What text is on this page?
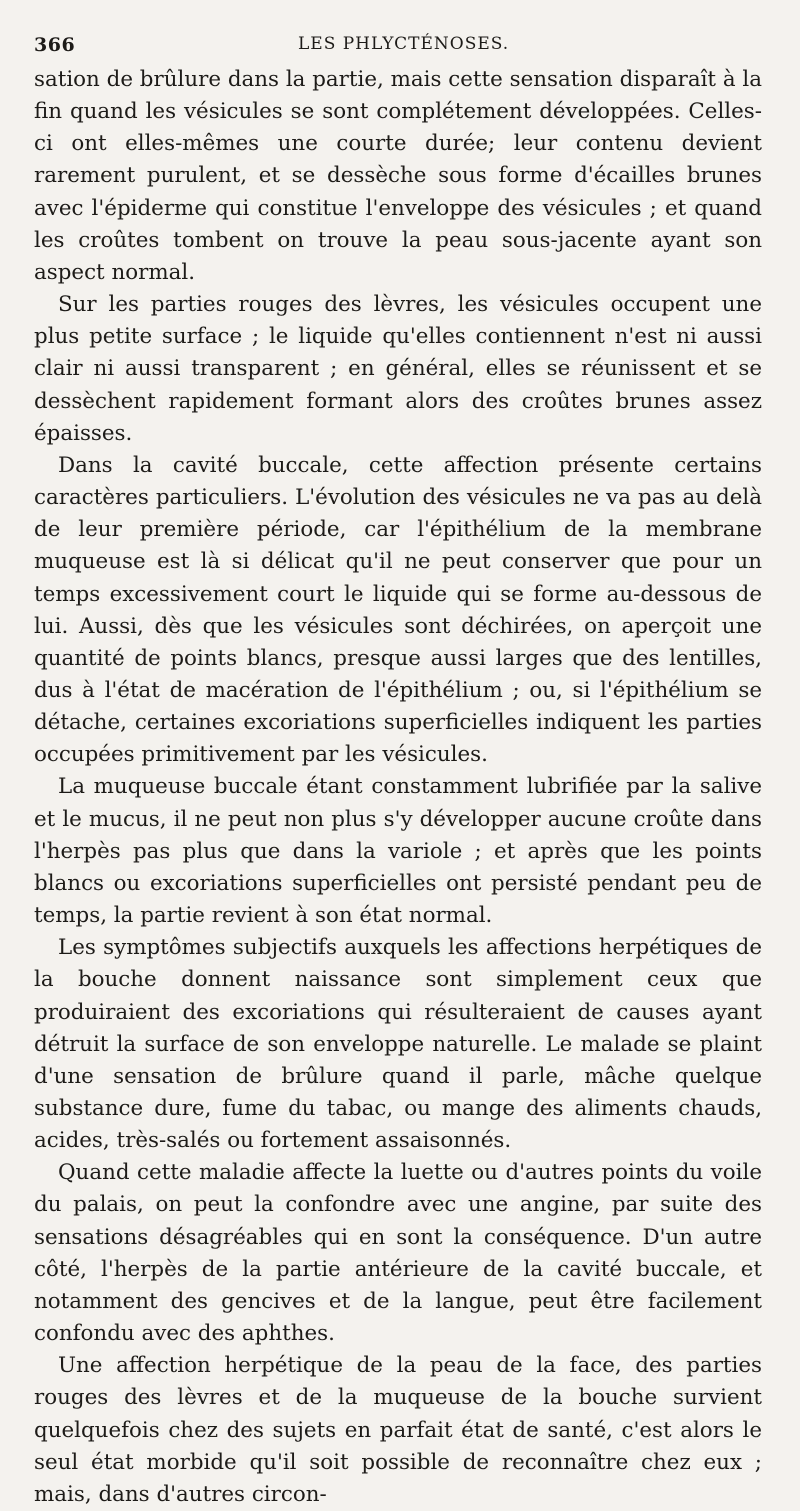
366	LES PHLYCTÉNOSES.

sation de brûlure dans la partie, mais cette sensation disparaît à la fin quand les vésicules se sont complétement développées. Celles-ci ont elles-mêmes une courte durée; leur contenu devient rarement purulent, et se dessèche sous forme d'écailles brunes avec l'épiderme qui constitue l'enveloppe des vésicules ; et quand les croûtes tombent on trouve la peau sous-jacente ayant son aspect normal.

Sur les parties rouges des lèvres, les vésicules occupent une plus petite surface ; le liquide qu'elles contiennent n'est ni aussi clair ni aussi transparent ; en général, elles se réunissent et se dessèchent rapidement formant alors des croûtes brunes assez épaisses.

Dans la cavité buccale, cette affection présente certains caractères particuliers. L'évolution des vésicules ne va pas au delà de leur première période, car l'épithélium de la membrane muqueuse est là si délicat qu'il ne peut conserver que pour un temps excessivement court le liquide qui se forme au-dessous de lui. Aussi, dès que les vésicules sont déchirées, on aperçoit une quantité de points blancs, presque aussi larges que des lentilles, dus à l'état de macération de l'épithélium ; ou, si l'épithélium se détache, certaines excoriations superficielles indiquent les parties occupées primitivement par les vésicules.

La muqueuse buccale étant constamment lubrifiée par la salive et le mucus, il ne peut non plus s'y développer aucune croûte dans l'herpès pas plus que dans la variole ; et après que les points blancs ou excoriations superficielles ont persisté pendant peu de temps, la partie revient à son état normal.

Les symptômes subjectifs auxquels les affections herpétiques de la bouche donnent naissance sont simplement ceux que produiraient des excoriations qui résulteraient de causes ayant détruit la surface de son enveloppe naturelle. Le malade se plaint d'une sensation de brûlure quand il parle, mâche quelque substance dure, fume du tabac, ou mange des aliments chauds, acides, très-salés ou fortement assaisonnés.

Quand cette maladie affecte la luette ou d'autres points du voile du palais, on peut la confondre avec une angine, par suite des sensations désagréables qui en sont la conséquence. D'un autre côté, l'herpès de la partie antérieure de la cavité buccale, et notamment des gencives et de la langue, peut être facilement confondu avec des aphthes.

Une affection herpétique de la peau de la face, des parties rouges des lèvres et de la muqueuse de la bouche survient quelquefois chez des sujets en parfait état de santé, c'est alors le seul état morbide qu'il soit possible de reconnaître chez eux ; mais, dans d'autres circon-
